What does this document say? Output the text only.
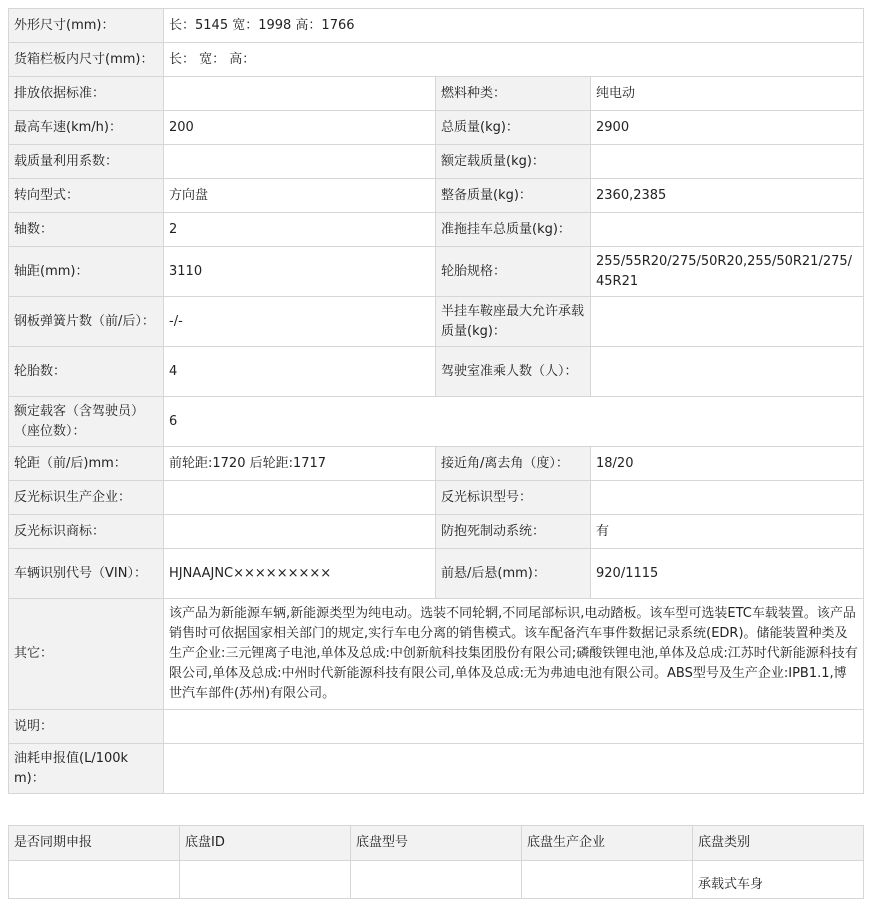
外形尺寸(mm)：	长：5145 宽：1998 高：1766		
货箱栏板内尺寸(mm)：	长： 宽： 高：		
排放依据标准：		燃料种类：	纯电动
最高车速(km/h)：	200	总质量(kg)：	2900
载质量利用系数：		额定载质量(kg)：	
转向型式：	方向盘	整备质量(kg)：	2360,2385
轴数：	2	准拖挂车总质量(kg)：	
轴距(mm)：	3110	轮胎规格：	255/55R20/275/50R20,255/50R21/275/45R21
钢板弹簧片数（前/后）：	-/-	半挂车鞍座最大允许承载质量(kg)：	
轮胎数：	4	驾驶室准乘人数（人）：	
额定载客（含驾驶员）（座位数）：	6		
轮距（前/后)mm：	前轮距:1720 后轮距:1717	接近角/离去角（度）：	18/20
反光标识生产企业：		反光标识型号：	
反光标识商标：		防抱死制动系统：	有
车辆识别代号（VIN）：	HJNAAJNC×××××××××	前悬/后悬(mm)：	920/1115
其它：	该产品为新能源车辆,新能源类型为纯电动。选装不同轮辋,不同尾部标识,电动踏板。该车型可选装ETC车载装置。该产品销售时可依据国家相关部门的规定,实行车电分离的销售模式。该车配备汽车事件数据记录系统(EDR)。储能装置种类及生产企业:三元锂离子电池,单体及总成:中创新航科技集团股份有限公司;磷酸铁锂电池,单体及总成:江苏时代新能源科技有限公司,单体及总成:中州时代新能源科技有限公司,单体及总成:无为弗迪电池有限公司。ABS型号及生产企业:IPB1.1,博世汽车部件(苏州)有限公司。		
说明：			
油耗申报值(L/100km)：			
是否同期申报	底盘ID	底盘型号	底盘生产企业	底盘类别
				承载式车身
